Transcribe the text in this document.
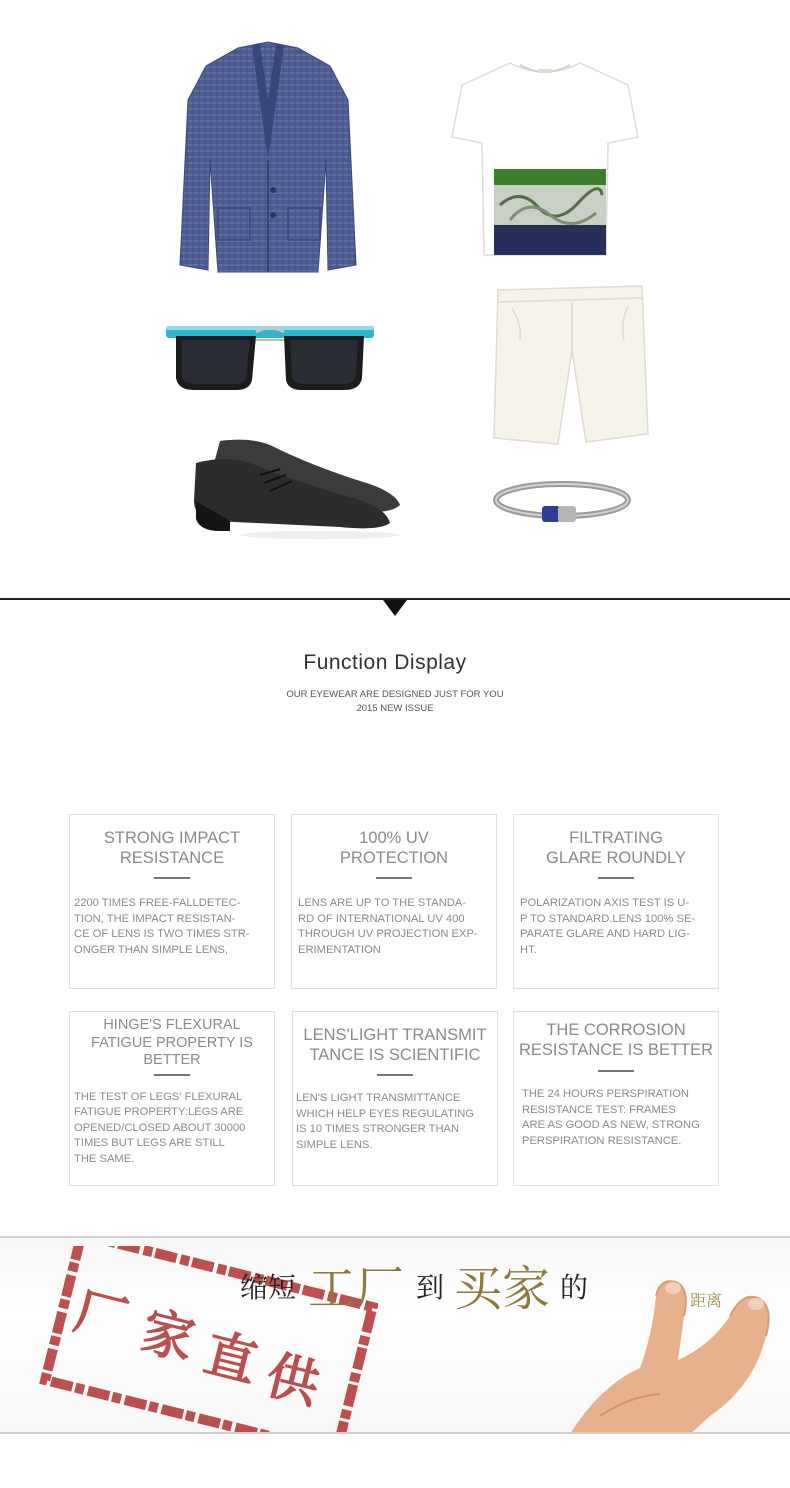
Function Display
OUR EYEWEAR ARE DESIGNED JUST FOR YOU
2015 NEW ISSUE
STRONG IMPACT
RESISTANCE
2200 TIMES FREE-FALLDETEC-
TION, THE IMPACT RESISTAN-
CE OF LENS IS TWO TIMES STR-
ONGER THAN SIMPLE LENS,
100% UV
PROTECTION
LENS ARE UP TO THE STANDA-
RD OF INTERNATIONAL UV 400
THROUGH UV PROJECTION EXP-
ERIMENTATION
FILTRATING
GLARE ROUNDLY
POLARIZATION AXIS TEST IS U-
P TO STANDARD.LENS 100% SE-
PARATE GLARE AND HARD LIG-
HT.
HINGE'S FLEXURAL
FATIGUE PROPERTY IS
BETTER
THE TEST OF LEGS' FLEXURAL
FATIGUE PROPERTY:LEGS ARE
OPENED/CLOSED ABOUT 30000
TIMES BUT LEGS ARE STILL
THE SAME.
LENS'LIGHT TRANSMIT
TANCE IS SCIENTIFIC
LEN'S LIGHT TRANSMITTANCE
WHICH HELP EYES REGULATING
IS 10 TIMES STRONGER THAN
SIMPLE LENS.
THE CORROSION
RESISTANCE IS BETTER
THE 24 HOURS PERSPIRATION
RESISTANCE TEST: FRAMES
ARE AS GOOD AS NEW, STRONG
PERSPIRATION RESISTANCE.
厂 家
直
供
缩短 工厂 到 买家 的	距离
